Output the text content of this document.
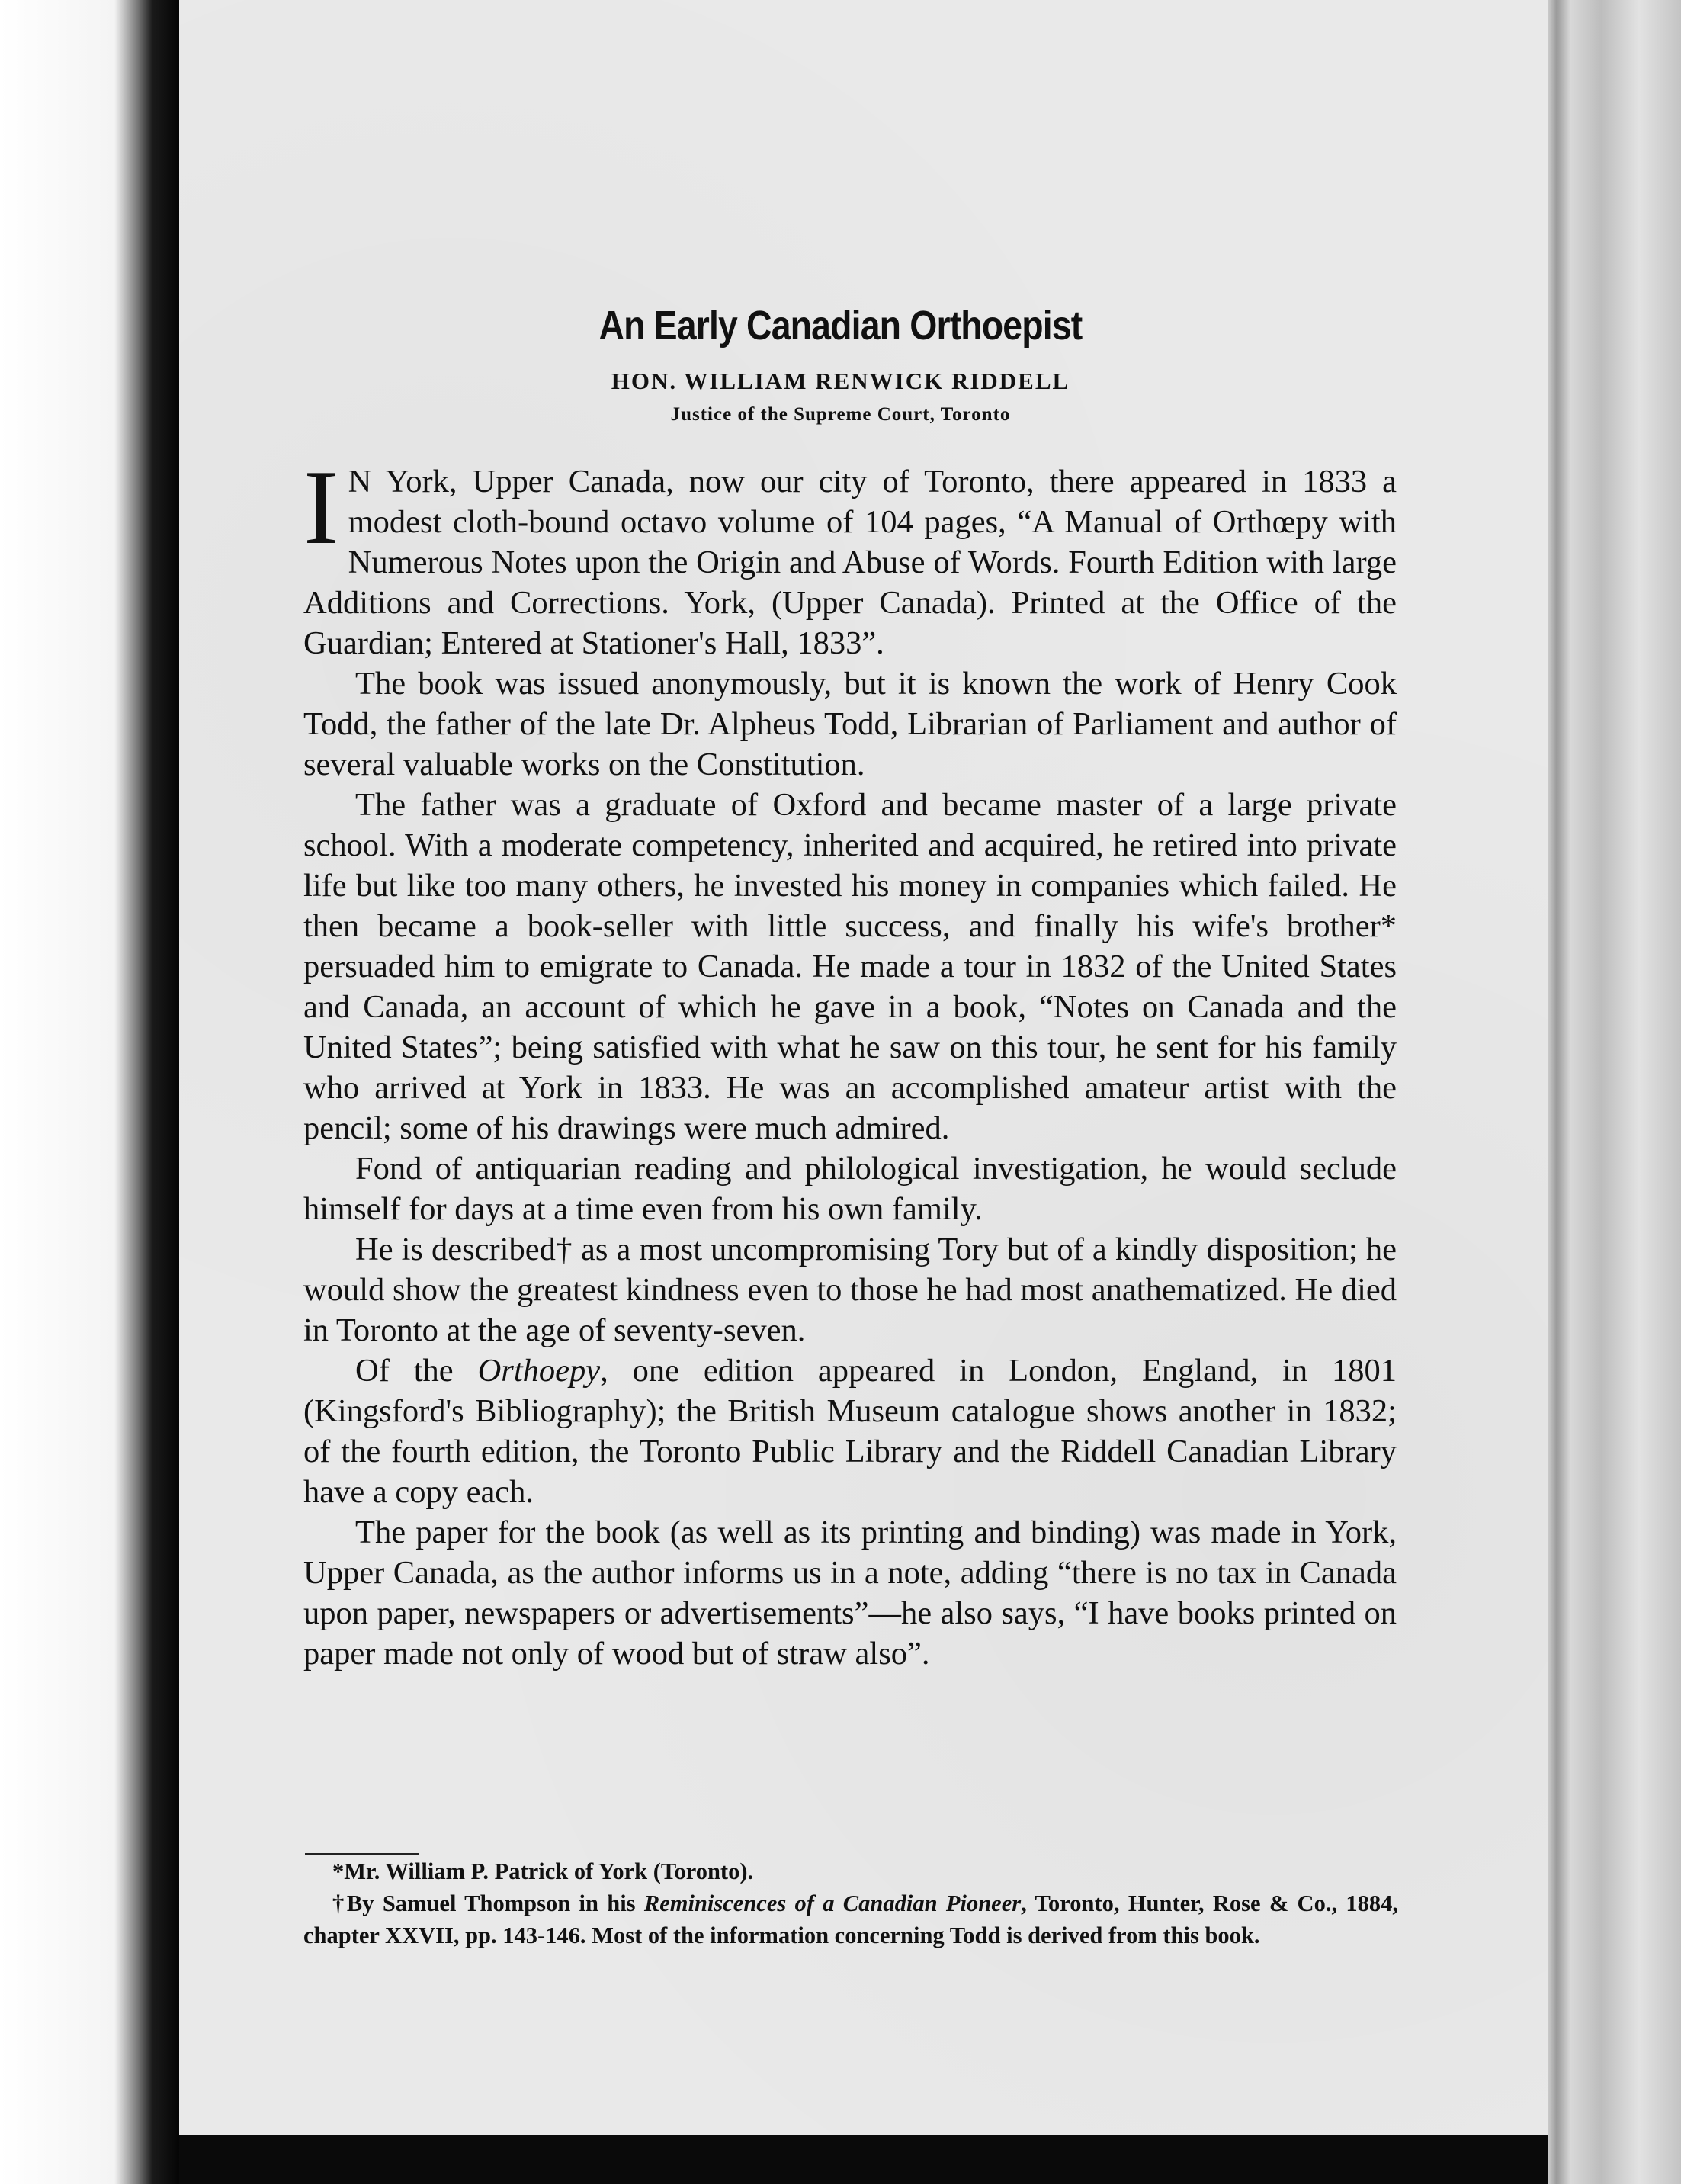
An Early Canadian Orthoepist
HON. WILLIAM RENWICK RIDDELL
Justice of the Supreme Court, Toronto

I N York, Upper Canada, now our city of Toronto, there appeared in 1833 a modest cloth-bound octavo volume of 104 pages, “A Manual of Orthœpy with Numerous Notes upon the Origin and Abuse of Words. Fourth Edition with large Additions and Corrections. York, (Upper Canada). Printed at the Office of the Guardian; Entered at Stationer's Hall, 1833”.

The book was issued anonymously, but it is known the work of Henry Cook Todd, the father of the late Dr. Alpheus Todd, Librarian of Parliament and author of several valuable works on the Constitution.

The father was a graduate of Oxford and became master of a large private school. With a moderate competency, inherited and acquired, he retired into private life but like too many others, he invested his money in companies which failed. He then became a book-seller with little success, and finally his wife's brother* persuaded him to emigrate to Canada. He made a tour in 1832 of the United States and Canada, an account of which he gave in a book, “Notes on Canada and the United States”; being satisfied with what he saw on this tour, he sent for his family who arrived at York in 1833. He was an accomplished amateur artist with the pencil; some of his drawings were much admired.

Fond of antiquarian reading and philological investigation, he would seclude himself for days at a time even from his own family.

He is described† as a most uncompromising Tory but of a kindly disposition; he would show the greatest kindness even to those he had most anathematized. He died in Toronto at the age of seventy-seven.

Of the Orthoepy, one edition appeared in London, England, in 1801 (Kingsford's Bibliography); the British Museum catalogue shows another in 1832; of the fourth edition, the Toronto Public Library and the Riddell Canadian Library have a copy each.

The paper for the book (as well as its printing and binding) was made in York, Upper Canada, as the author informs us in a note, adding “there is no tax in Canada upon paper, newspapers or advertisements”—he also says, “I have books printed on paper made not only of wood but of straw also”.

*Mr. William P. Patrick of York (Toronto).

†By Samuel Thompson in his Reminiscences of a Canadian Pioneer, Toronto, Hunter, Rose & Co., 1884, chapter XXVII, pp. 143-146. Most of the information concerning Todd is derived from this book.
